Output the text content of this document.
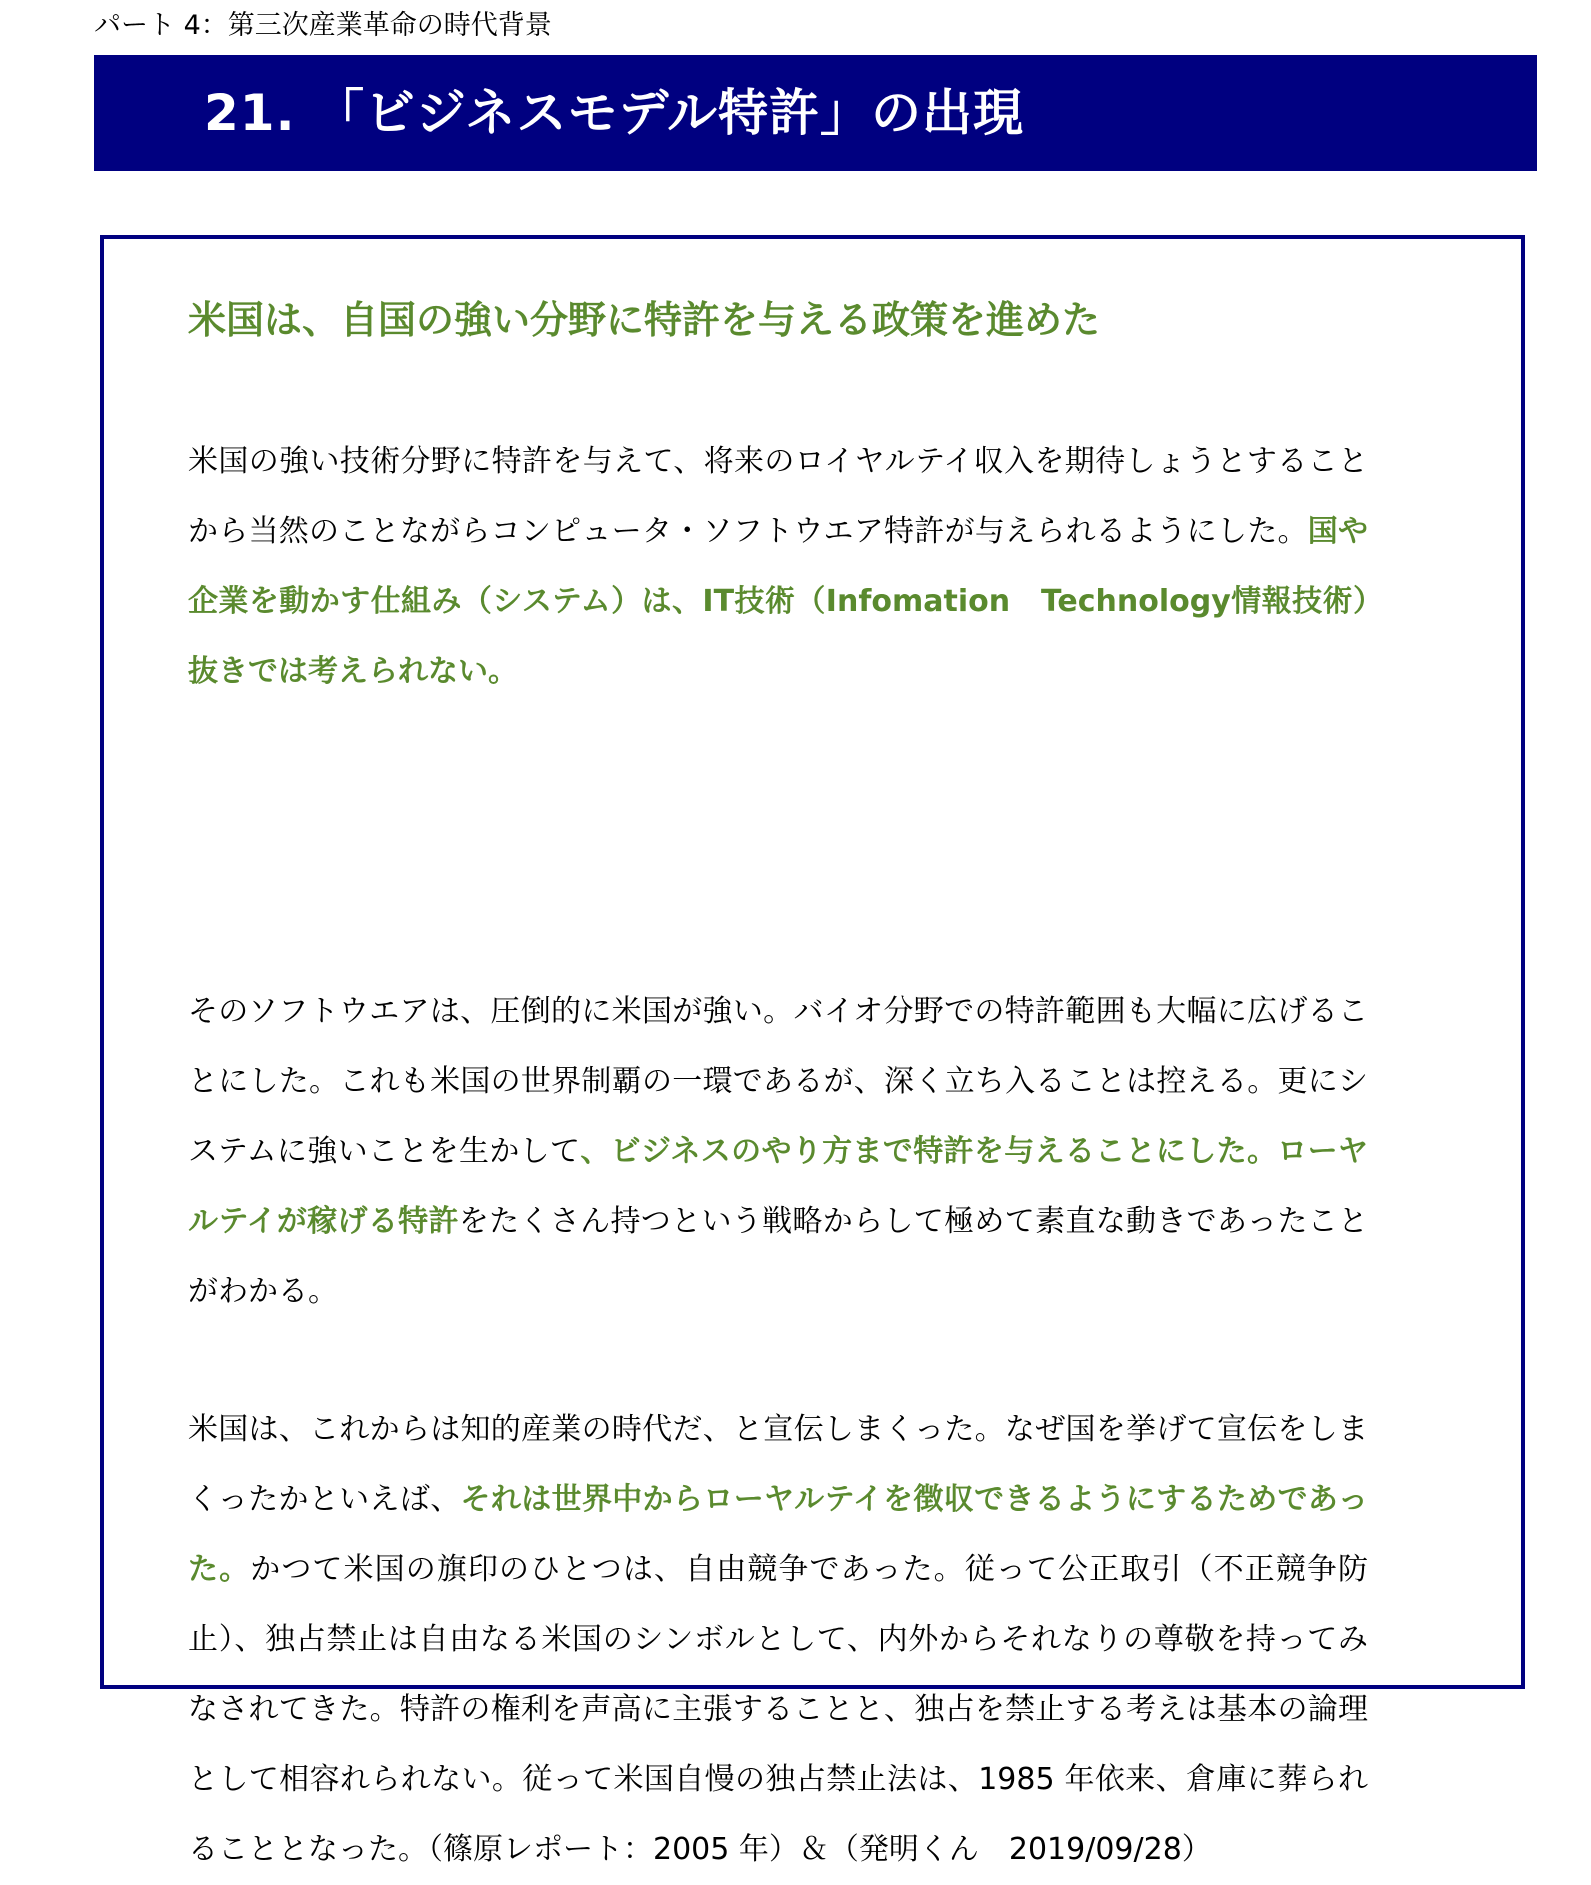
パート 4：第三次産業革命の時代背景
21. 「ビジネスモデル特許」の出現
米国は、自国の強い分野に特許を与える政策を進めた
米国の強い技術分野に特許を与えて、将来のロイヤルテイ収入を期待しょうとすることから当然のことながらコンピュータ・ソフトウエア特許が与えられるようにした。国や企業を動かす仕組み（システム）は、IT技術（Infomation　Technology情報技術）抜きでは考えられない。
そのソフトウエアは、圧倒的に米国が強い。バイオ分野での特許範囲も大幅に広げることにした。これも米国の世界制覇の一環であるが、深く立ち入ることは控える。更にシステムに強いことを生かして、ビジネスのやり方まで特許を与えることにした。ローヤルテイが稼げる特許をたくさん持つという戦略からして極めて素直な動きであったことがわかる。
米国は、これからは知的産業の時代だ、と宣伝しまくった。なぜ国を挙げて宣伝をしまくったかといえば、それは世界中からローヤルテイを徴収できるようにするためであった。かつて米国の旗印のひとつは、自由競争であった。従って公正取引（不正競争防止）、独占禁止は自由なる米国のシンボルとして、内外からそれなりの尊敬を持ってみなされてきた。特許の権利を声高に主張することと、独占を禁止する考えは基本の論理として相容れられない。従って米国自慢の独占禁止法は、1985 年依来、倉庫に葬られることとなった。（篠原レポート：2005 年）＆（発明くん　2019/09/28）
